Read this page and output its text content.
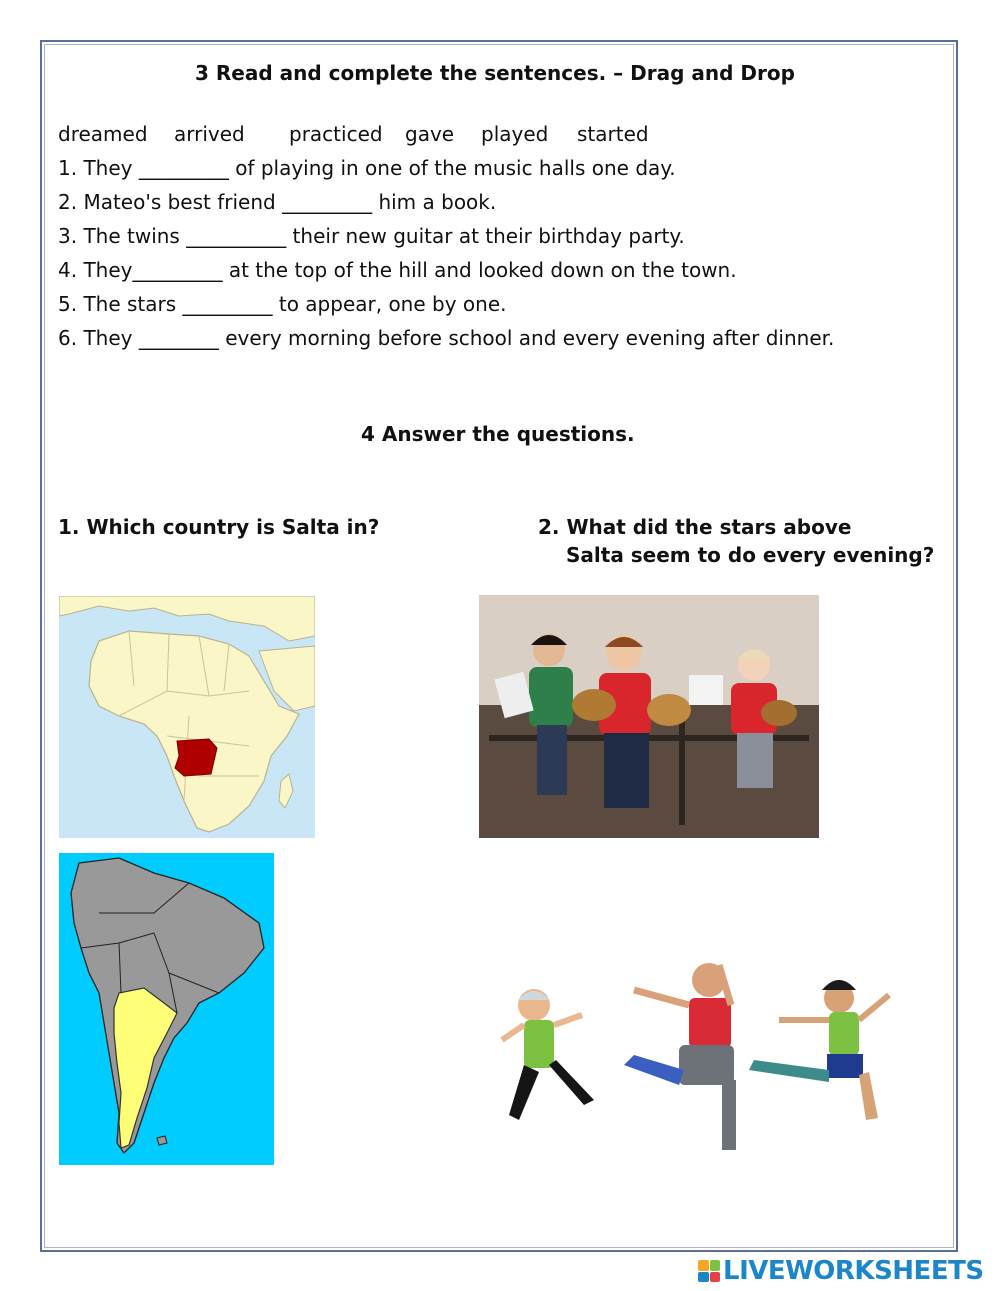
3 Read and complete the sentences. – Drag and Drop
dreamed arrived practiced gave played started
1. They _________ of playing in one of the music halls one day.
2. Mateo's best friend _________ him a book.
3. The twins __________ their new guitar at their birthday party.
4. They_________ at the top of the hill and looked down on the town.
5. The stars _________ to appear, one by one.
6. They ________ every morning before school and every evening after dinner.
4 Answer the questions.
1. Which country is Salta in?	2. What did the stars above
Salta seem to do every evening?
LIVEWORKSHEETS
